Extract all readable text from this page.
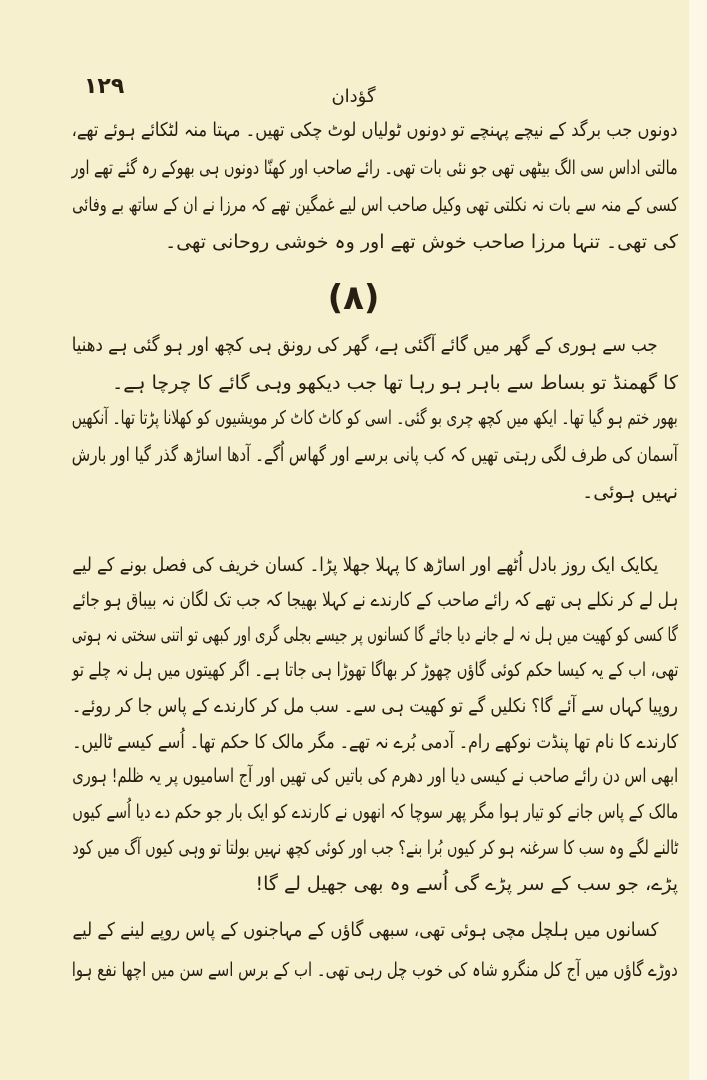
۱۲۹	گؤدان
دونوں جب برگد کے نیچے پہنچے تو دونوں ٹولیاں لوٹ چکی تھیں۔ مہتا منہ لٹکائے ہوئے تھے،
مالتی اداس سی الگ بیٹھی تھی جو نئی بات تھی۔ رائے صاحب اور کھنّا دونوں ہی بھوکے رہ گئے تھے اور
کسی کے منہ سے بات نہ نکلتی تھی وکیل صاحب اس لیے غمگین تھے کہ مرزا نے ان کے ساتھ بے وفائی
کی تھی۔ تنہا مرزا صاحب خوش تھے اور وہ خوشی روحانی تھی۔
(۸)
جب سے ہوری کے گھر میں گائے آگئی ہے، گھر کی رونق ہی کچھ اور ہو گئی ہے دھنیا
کا گھمنڈ تو بساط سے باہر ہو رہا تھا جب دیکھو وہی گائے کا چرچا ہے۔
بھور ختم ہو گیا تھا۔ ایکھ میں کچھ چری بو گئی۔ اسی کو کاٹ کاٹ کر مویشیوں کو کھلانا پڑتا تھا۔ آنکھیں
آسمان کی طرف لگی رہتی تھیں کہ کب پانی برسے اور گھاس اُگے۔ آدھا اساڑھ گذر گیا اور بارش
نہیں ہوئی۔
یکایک ایک روز بادل اُٹھے اور اساڑھ کا پہلا جھلا پڑا۔ کسان خریف کی فصل بونے کے لیے
ہل لے کر نکلے ہی تھے کہ رائے صاحب کے کارندے نے کہلا بھیجا کہ جب تک لگان نہ بیباق ہو جائے
گا کسی کو کھیت میں ہل نہ لے جانے دیا جائے گا کسانوں پر جیسے بجلی گری اور کبھی تو اتنی سختی نہ ہوتی
تھی، اب کے یہ کیسا حکم کوئی گاؤں چھوڑ کر بھاگا تھوڑا ہی جاتا ہے۔ اگر کھیتوں میں ہل نہ چلے تو
روپیا کہاں سے آئے گا؟ نکلیں گے تو کھیت ہی سے۔ سب مل کر کارندے کے پاس جا کر روئے۔
کارندے کا نام تھا پنڈت نوکھے رام۔ آدمی بُرے نہ تھے۔ مگر مالک کا حکم تھا۔ اُسے کیسے ٹالیں۔
ابھی اس دن رائے صاحب نے کیسی دیا اور دھرم کی باتیں کی تھیں اور آج اسامیوں پر یہ ظلم! ہوری
مالک کے پاس جانے کو تیار ہوا مگر پھر سوچا کہ انھوں نے کارندے کو ایک بار جو حکم دے دیا اُسے کیوں
ٹالنے لگے وہ سب کا سرغنہ ہو کر کیوں بُرا بنے؟ جب اور کوئی کچھ نہیں بولتا تو وہی کیوں آگ میں کود
پڑے، جو سب کے سر پڑے گی اُسے وہ بھی جھیل لے گا!
کسانوں میں ہلچل مچی ہوئی تھی، سبھی گاؤں کے مہاجنوں کے پاس روپے لینے کے لیے
دوڑے گاؤں میں آج کل منگرو شاہ کی خوب چل رہی تھی۔ اب کے برس اسے سن میں اچھا نفع ہوا
